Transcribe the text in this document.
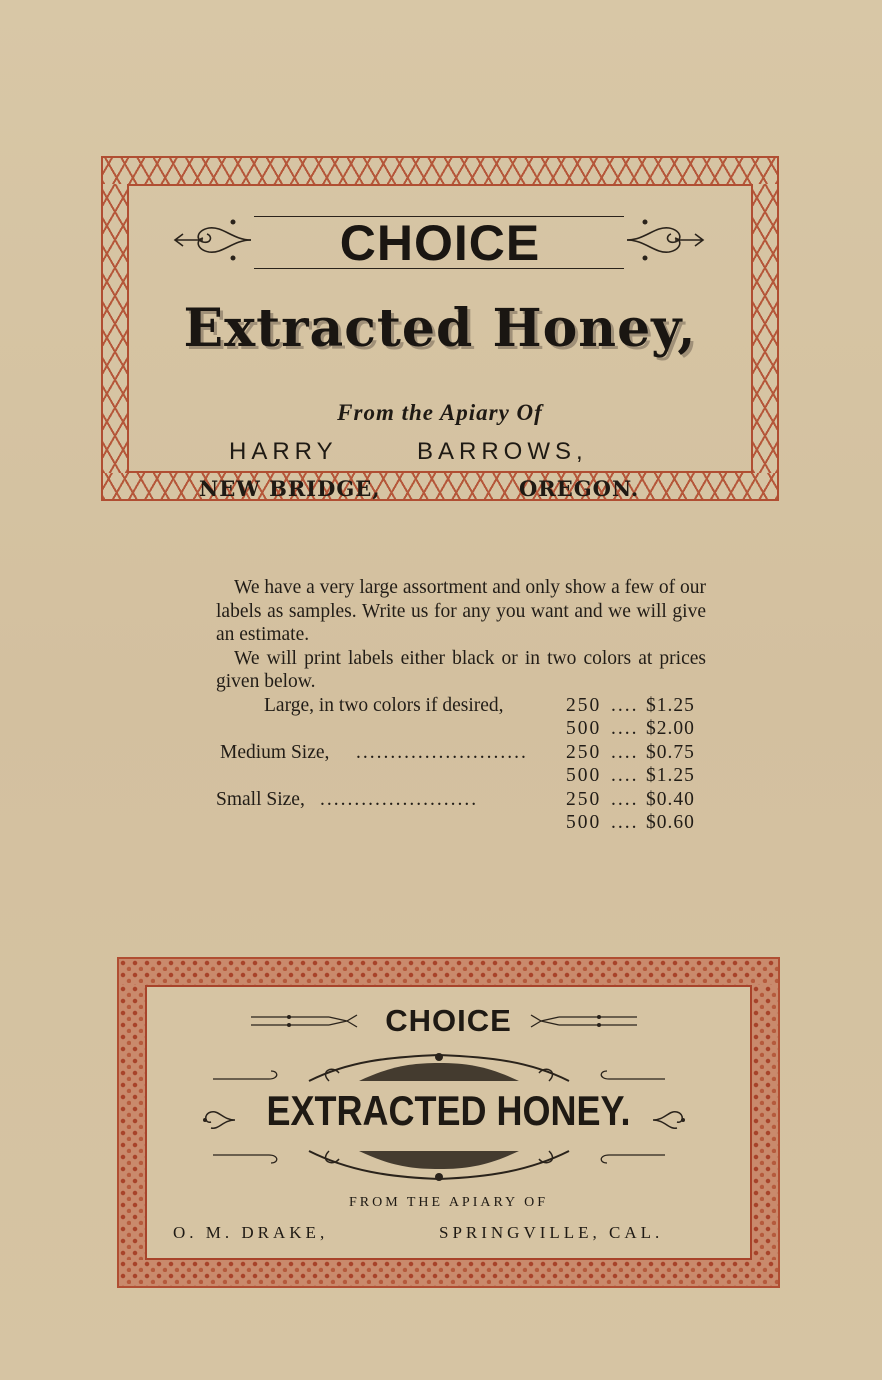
CHOICE
Extracted Honey,
From the Apiary Of
HARRY	BARROWS,
NEW BRIDGE,	OREGON.

We have a very large assortment and only show a few of our labels as samples. Write us for any you want and we will give an estimate.

We will print labels either black or in two colors at prices given below.

Large, in two colors if desired,	250 .... $1.25
500 .... $2.00
Medium Size, ......................... 250 .... $0.75
500 .... $1.25
Small Size, .......................	250 .... $0.40
500 .... $0.60
CHOICE
EXTRACTED HONEY.
FROM THE APIARY OF
O. M. DRAKE,	SPRINGVILLE, CAL.
